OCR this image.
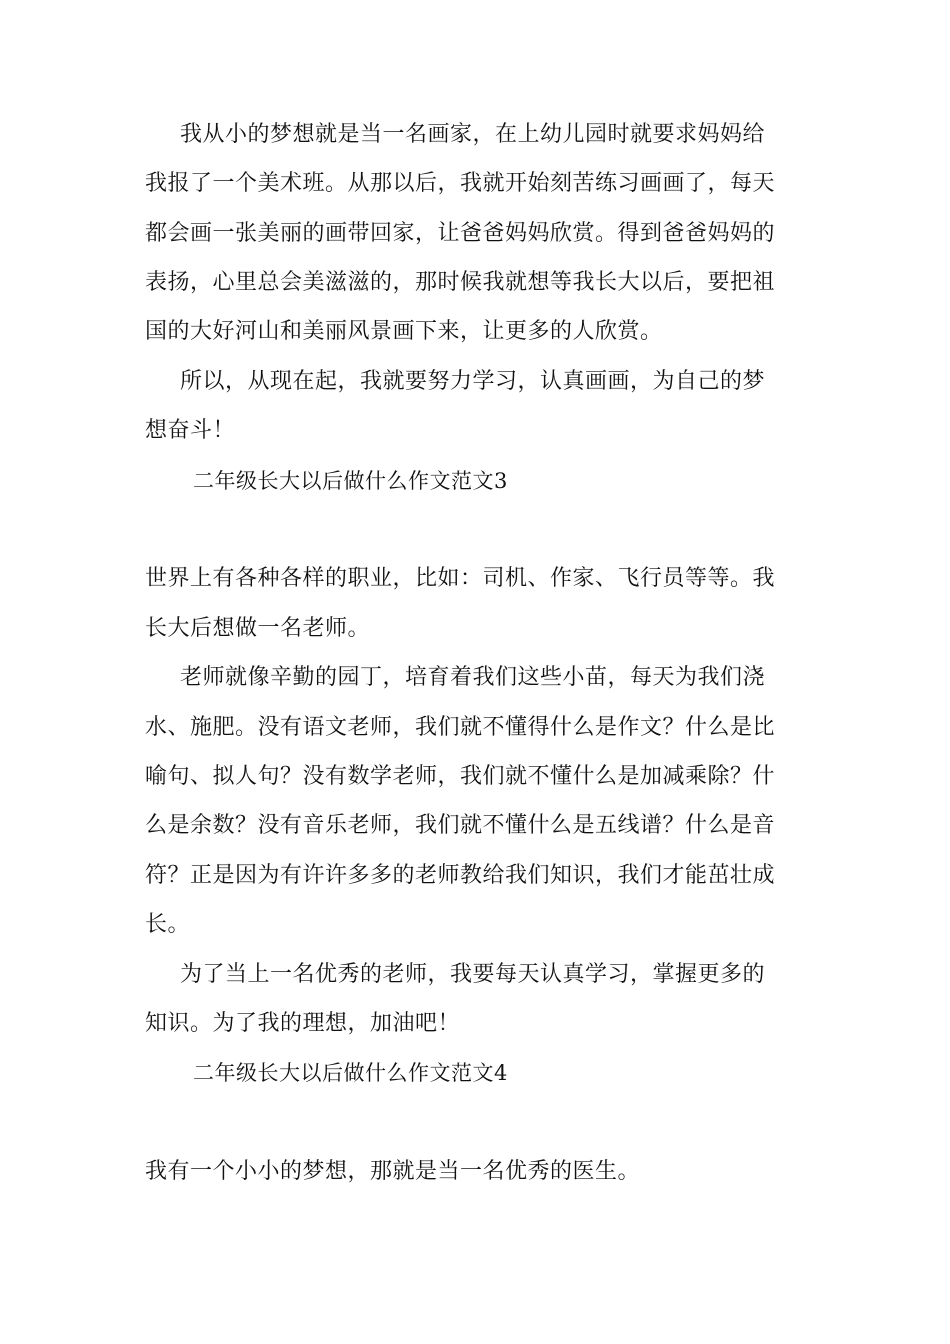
我从小的梦想就是当一名画家，在上幼儿园时就要求妈妈给
我报了一个美术班。从那以后，我就开始刻苦练习画画了，每天
都会画一张美丽的画带回家，让爸爸妈妈欣赏。得到爸爸妈妈的
表扬，心里总会美滋滋的，那时候我就想等我长大以后，要把祖
国的大好河山和美丽风景画下来，让更多的人欣赏。
所以，从现在起，我就要努力学习，认真画画，为自己的梦
想奋斗！
二年级长大以后做什么作文范文3
世界上有各种各样的职业，比如：司机、作家、飞行员等等。我
长大后想做一名老师。
老师就像辛勤的园丁，培育着我们这些小苗，每天为我们浇
水、施肥。没有语文老师，我们就不懂得什么是作文？什么是比
喻句、拟人句？没有数学老师，我们就不懂什么是加减乘除？什
么是余数？没有音乐老师，我们就不懂什么是五线谱？什么是音
符？正是因为有许许多多的老师教给我们知识，我们才能茁壮成
长。
为了当上一名优秀的老师，我要每天认真学习，掌握更多的
知识。为了我的理想，加油吧！
二年级长大以后做什么作文范文4
我有一个小小的梦想，那就是当一名优秀的医生。
